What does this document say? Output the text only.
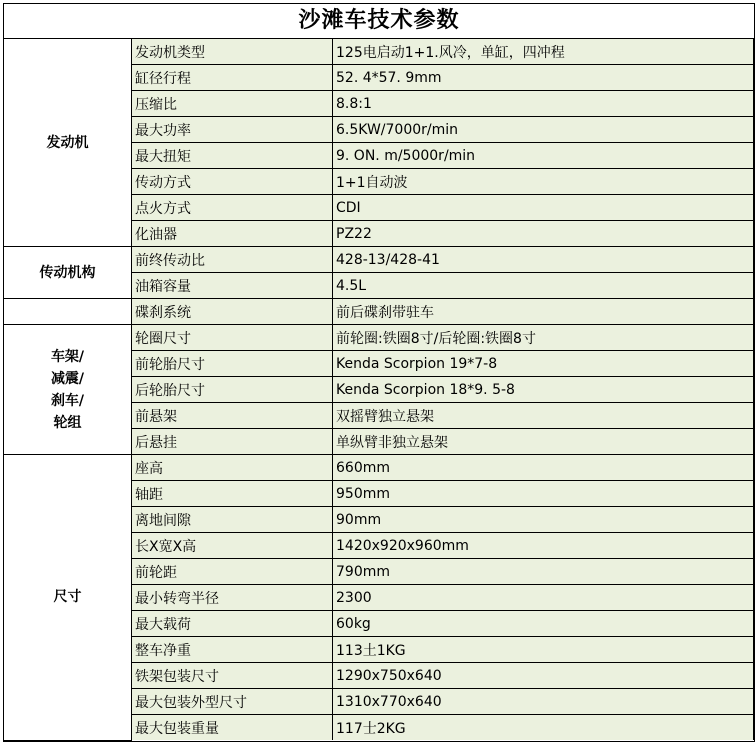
沙滩车技术参数
发动机	发动机类型	125电启动1+1.风冷，单缸，四冲程
	缸径行程	52. 4*57. 9mm
	压缩比	8.8:1
	最大功率	6.5KW/7000r/min
	最大扭矩	9. ON. m/5000r/min
	传动方式	1+1自动波
	点火方式	CDI
	化油器	PZ22

传动机构	前终传动比	428-13/428-41
	油箱容量	4.5L

	碟刹系统	前后碟刹带驻车

车架/
减震/
刹车/
轮组	轮圈尺寸	前轮圈:铁圈8寸/后轮圈:铁圈8寸
	前轮胎尺寸	Kenda Scorpion 19*7-8
	后轮胎尺寸	Kenda Scorpion 18*9. 5-8
	前悬架	双摇臂独立悬架
	后悬挂	单纵臂非独立悬架

尺寸	座高	660mm
	轴距	950mm
	离地间隙	90mm
	长X宽X高	1420x920x960mm
	前轮距	790mm
	最小转弯半径	2300
	最大载荷	60kg
	整车净重	113土1KG
	铁架包装尺寸	1290x750x640
	最大包装外型尺寸	1310x770x640
	最大包装重量	117士2KG
